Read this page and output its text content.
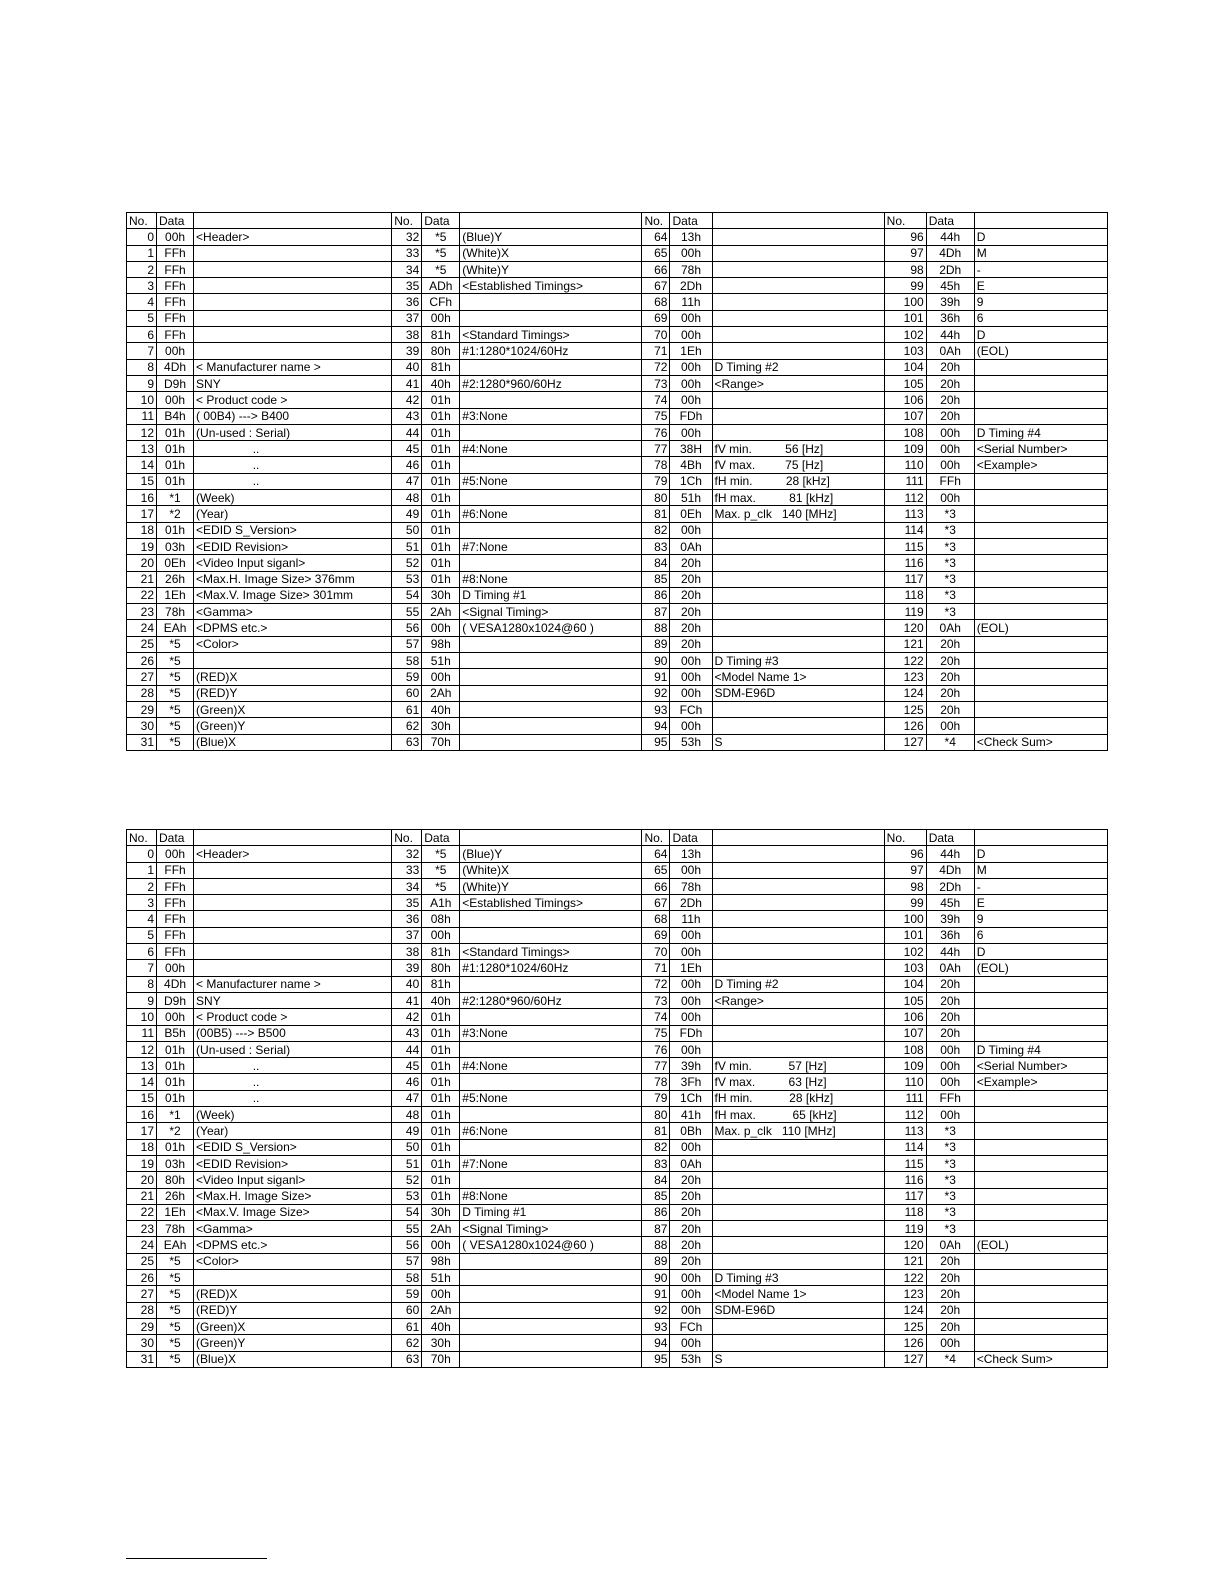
No.	Data		No.	Data		No.	Data		No.	Data	
0	00h	<Header>	32	*5	(Blue)Y	64	13h		96	44h	D
1	FFh		33	*5	(White)X	65	00h		97	4Dh	M
2	FFh		34	*5	(White)Y	66	78h		98	2Dh	-
3	FFh		35	ADh	<Established Timings>	67	2Dh		99	45h	E
4	FFh		36	CFh		68	11h		100	39h	9
5	FFh		37	00h		69	00h		101	36h	6
6	FFh		38	81h	<Standard Timings>	70	00h		102	44h	D
7	00h		39	80h	#1:1280*1024/60Hz	71	1Eh		103	0Ah	(EOL)
8	4Dh	< Manufacturer name >	40	81h		72	00h	D Timing #2	104	20h	
9	D9h	SNY	41	40h	#2:1280*960/60Hz	73	00h	<Range>	105	20h	
10	00h	< Product code >	42	01h		74	00h		106	20h	
11	B4h	( 00B4) ---> B400	43	01h	#3:None	75	FDh		107	20h	
12	01h	(Un-used : Serial)	44	01h		76	00h		108	00h	D Timing #4
13	01h	..	45	01h	#4:None	77	38H	fV min.          56 [Hz]	109	00h	<Serial Number>
14	01h	..	46	01h		78	4Bh	fV max.         75 [Hz]	110	00h	<Example>
15	01h	..	47	01h	#5:None	79	1Ch	fH min.          28 [kHz]	111	FFh	
16	*1	(Week)	48	01h		80	51h	fH max.          81 [kHz]	112	00h	
17	*2	(Year)	49	01h	#6:None	81	0Eh	Max. p_clk   140 [MHz]	113	*3	
18	01h	<EDID S_Version>	50	01h		82	00h		114	*3	
19	03h	<EDID Revision>	51	01h	#7:None	83	0Ah		115	*3	
20	0Eh	<Video Input siganl>	52	01h		84	20h		116	*3	
21	26h	<Max.H. Image Size> 376mm	53	01h	#8:None	85	20h		117	*3	
22	1Eh	<Max.V. Image Size> 301mm	54	30h	D Timing #1	86	20h		118	*3	
23	78h	<Gamma>	55	2Ah	<Signal Timing>	87	20h		119	*3	
24	EAh	<DPMS etc.>	56	00h	( VESA1280x1024@60 )	88	20h		120	0Ah	(EOL)
25	*5	<Color>	57	98h		89	20h		121	20h	
26	*5		58	51h		90	00h	D Timing #3	122	20h	
27	*5	(RED)X	59	00h		91	00h	<Model Name 1>	123	20h	
28	*5	(RED)Y	60	2Ah		92	00h	SDM-E96D	124	20h	
29	*5	(Green)X	61	40h		93	FCh		125	20h	
30	*5	(Green)Y	62	30h		94	00h		126	00h	
31	*5	(Blue)X	63	70h		95	53h	S	127	*4	<Check Sum>
No.	Data		No.	Data		No.	Data		No.	Data	
0	00h	<Header>	32	*5	(Blue)Y	64	13h		96	44h	D
1	FFh		33	*5	(White)X	65	00h		97	4Dh	M
2	FFh		34	*5	(White)Y	66	78h		98	2Dh	-
3	FFh		35	A1h	<Established Timings>	67	2Dh		99	45h	E
4	FFh		36	08h		68	11h		100	39h	9
5	FFh		37	00h		69	00h		101	36h	6
6	FFh		38	81h	<Standard Timings>	70	00h		102	44h	D
7	00h		39	80h	#1:1280*1024/60Hz	71	1Eh		103	0Ah	(EOL)
8	4Dh	< Manufacturer name >	40	81h		72	00h	D Timing #2	104	20h	
9	D9h	SNY	41	40h	#2:1280*960/60Hz	73	00h	<Range>	105	20h	
10	00h	< Product code >	42	01h		74	00h		106	20h	
11	B5h	(00B5) ---> B500	43	01h	#3:None	75	FDh		107	20h	
12	01h	(Un-used : Serial)	44	01h		76	00h		108	00h	D Timing #4
13	01h	..	45	01h	#4:None	77	39h	fV min.           57 [Hz]	109	00h	<Serial Number>
14	01h	..	46	01h		78	3Fh	fV max.          63 [Hz]	110	00h	<Example>
15	01h	..	47	01h	#5:None	79	1Ch	fH min.           28 [kHz]	111	FFh	
16	*1	(Week)	48	01h		80	41h	fH max.           65 [kHz]	112	00h	
17	*2	(Year)	49	01h	#6:None	81	0Bh	Max. p_clk   110 [MHz]	113	*3	
18	01h	<EDID S_Version>	50	01h		82	00h		114	*3	
19	03h	<EDID Revision>	51	01h	#7:None	83	0Ah		115	*3	
20	80h	<Video Input siganl>	52	01h		84	20h		116	*3	
21	26h	<Max.H. Image Size>	53	01h	#8:None	85	20h		117	*3	
22	1Eh	<Max.V. Image Size>	54	30h	D Timing #1	86	20h		118	*3	
23	78h	<Gamma>	55	2Ah	<Signal Timing>	87	20h		119	*3	
24	EAh	<DPMS etc.>	56	00h	( VESA1280x1024@60 )	88	20h		120	0Ah	(EOL)
25	*5	<Color>	57	98h		89	20h		121	20h	
26	*5		58	51h		90	00h	D Timing #3	122	20h	
27	*5	(RED)X	59	00h		91	00h	<Model Name 1>	123	20h	
28	*5	(RED)Y	60	2Ah		92	00h	SDM-E96D	124	20h	
29	*5	(Green)X	61	40h		93	FCh		125	20h	
30	*5	(Green)Y	62	30h		94	00h		126	00h	
31	*5	(Blue)X	63	70h		95	53h	S	127	*4	<Check Sum>
